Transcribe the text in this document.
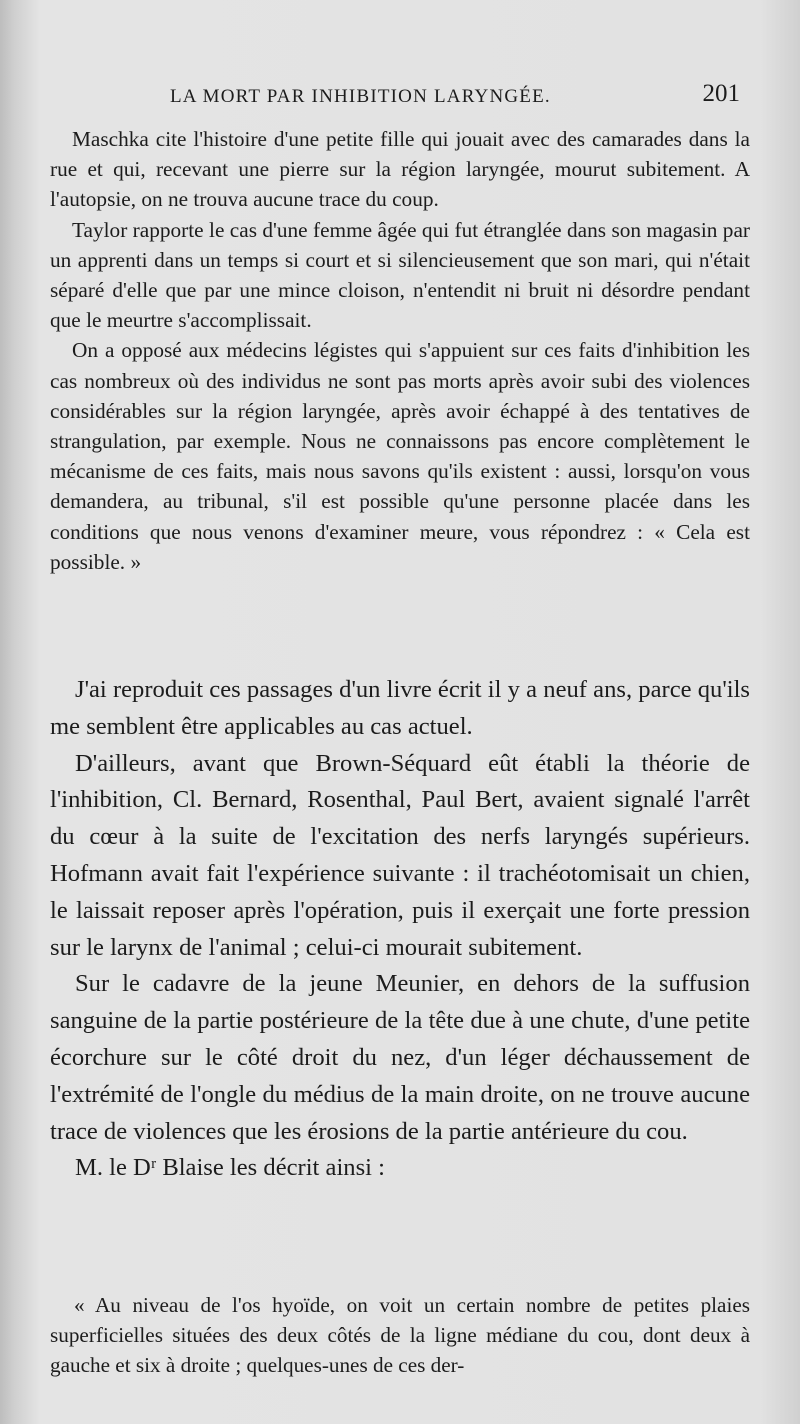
LA MORT PAR INHIBITION LARYNGÉE.	201

Maschka cite l'histoire d'une petite fille qui jouait avec des camarades dans la rue et qui, recevant une pierre sur la région laryngée, mourut subitement. A l'autopsie, on ne trouva aucune trace du coup.

Taylor rapporte le cas d'une femme âgée qui fut étranglée dans son magasin par un apprenti dans un temps si court et si silencieusement que son mari, qui n'était séparé d'elle que par une mince cloison, n'entendit ni bruit ni désordre pendant que le meurtre s'accomplissait.

On a opposé aux médecins légistes qui s'appuient sur ces faits d'inhibition les cas nombreux où des individus ne sont pas morts après avoir subi des violences considérables sur la région laryngée, après avoir échappé à des tentatives de strangulation, par exemple. Nous ne connaissons pas encore complètement le mécanisme de ces faits, mais nous savons qu'ils existent : aussi, lorsqu'on vous demandera, au tribunal, s'il est possible qu'une personne placée dans les conditions que nous venons d'examiner meure, vous répondrez : « Cela est possible. »

J'ai reproduit ces passages d'un livre écrit il y a neuf ans, parce qu'ils me semblent être applicables au cas actuel.

D'ailleurs, avant que Brown-Séquard eût établi la théorie de l'inhibition, Cl. Bernard, Rosenthal, Paul Bert, avaient signalé l'arrêt du cœur à la suite de l'excitation des nerfs laryngés supérieurs. Hofmann avait fait l'expérience suivante : il trachéotomisait un chien, le laissait reposer après l'opération, puis il exerçait une forte pression sur le larynx de l'animal ; celui-ci mourait subitement.

Sur le cadavre de la jeune Meunier, en dehors de la suffusion sanguine de la partie postérieure de la tête due à une chute, d'une petite écorchure sur le côté droit du nez, d'un léger déchaussement de l'extrémité de l'ongle du médius de la main droite, on ne trouve aucune trace de violences que les érosions de la partie antérieure du cou.

M. le Dʳ Blaise les décrit ainsi :

« Au niveau de l'os hyoïde, on voit un certain nombre de petites plaies superficielles situées des deux côtés de la ligne médiane du cou, dont deux à gauche et six à droite ; quelques-unes de ces der-
